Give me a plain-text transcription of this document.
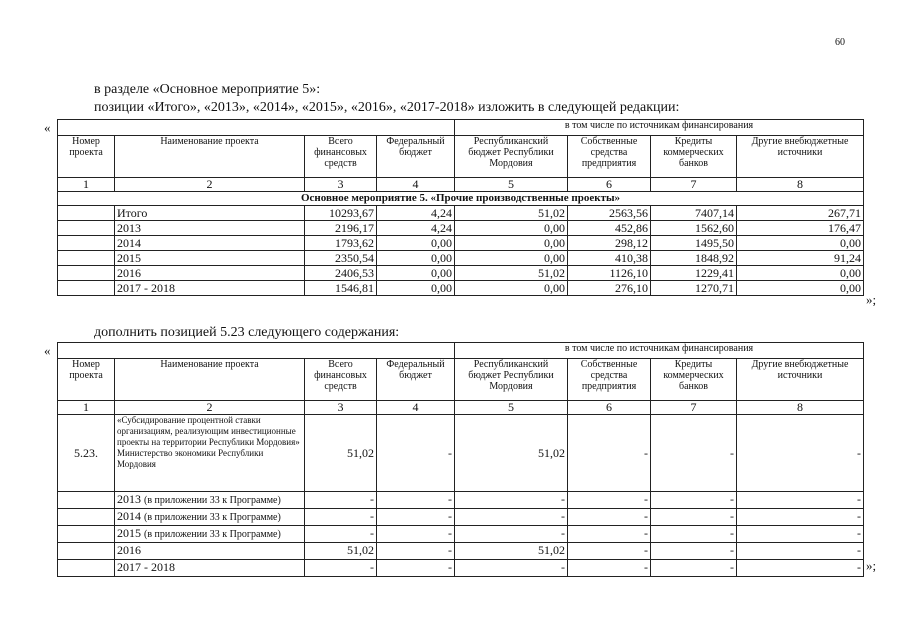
60
в разделе «Основное мероприятие 5»:
позиции «Итого», «2013», «2014», «2015», «2016», «2017-2018» изложить в следующей редакции:
«
				в том числе по источникам финансирования			
Номер проекта	Наименование проекта	Всего финансовых средств	Федеральный бюджет	Республиканский бюджет Республики Мордовия	Собственные средства предприятия	Кредиты коммерческих банков	Другие внебюджетные источники
1	2	3	4	5	6	7	8
Основное мероприятие 5. «Прочие производственные проекты»							
	Итого	10293,67	4,24	51,02	2563,56	7407,14	267,71
	2013	2196,17	4,24	0,00	452,86	1562,60	176,47
	2014	1793,62	0,00	0,00	298,12	1495,50	0,00
	2015	2350,54	0,00	0,00	410,38	1848,92	91,24
	2016	2406,53	0,00	51,02	1126,10	1229,41	0,00
	2017 - 2018	1546,81	0,00	0,00	276,10	1270,71	0,00
»;
дополнить позицией 5.23 следующего содержания:
«
				в том числе по источникам финансирования			
Номер проекта	Наименование проекта	Всего финансовых средств	Федеральный бюджет	Республиканский бюджет Республики Мордовия	Собственные средства предприятия	Кредиты коммерческих банков	Другие внебюджетные источники
1	2	3	4	5	6	7	8
5.23.	«Субсидирование процентной ставки организациям, реализующим инвестиционные проекты на территории Республики Мордовия» Министерство экономики Республики Мордовия	51,02	-	51,02	-	-	-
	2013 (в приложении 33 к Программе)	-	-	-	-	-	-
	2014 (в приложении 33 к Программе)	-	-	-	-	-	-
	2015 (в приложении 33 к Программе)	-	-	-	-	-	-
	2016	51,02	-	51,02	-	-	-
	2017 - 2018	-	-	-	-	-	- »;
